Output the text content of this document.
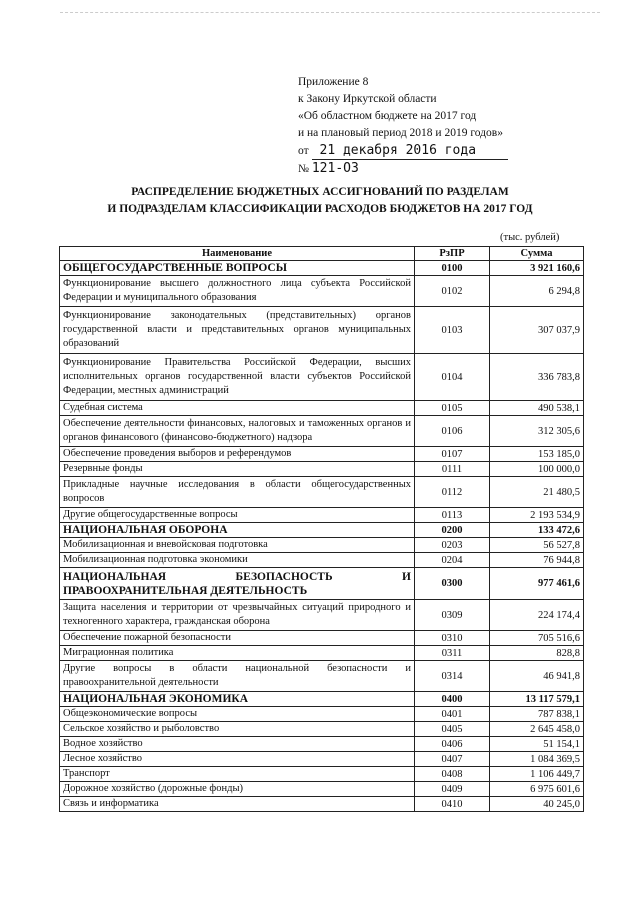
Приложение 8
к Закону Иркутской области
«Об областном бюджете на 2017 год
и на плановый период 2018 и 2019 годов»
от 21 декабря 2016 года
№ 121-ОЗ
РАСПРЕДЕЛЕНИЕ БЮДЖЕТНЫХ АССИГНОВАНИЙ ПО РАЗДЕЛАМ
И ПОДРАЗДЕЛАМ КЛАССИФИКАЦИИ РАСХОДОВ БЮДЖЕТОВ НА 2017 ГОД
(тыс. рублей)
Наименование	РзПР	Сумма
ОБЩЕГОСУДАРСТВЕННЫЕ ВОПРОСЫ	0100	3 921 160,6
Функционирование высшего должностного лица субъекта Российской Федерации и муниципального образования	0102	6 294,8
Функционирование законодательных (представительных) органов государственной власти и представительных органов муниципальных образований	0103	307 037,9
Функционирование Правительства Российской Федерации, высших исполнительных органов государственной власти субъектов Российской Федерации, местных администраций	0104	336 783,8
Судебная система	0105	490 538,1
Обеспечение деятельности финансовых, налоговых и таможенных органов и органов финансового (финансово-бюджетного) надзора	0106	312 305,6
Обеспечение проведения выборов и референдумов	0107	153 185,0
Резервные фонды	0111	100 000,0
Прикладные научные исследования в области общегосударственных вопросов	0112	21 480,5
Другие общегосударственные вопросы	0113	2 193 534,9
НАЦИОНАЛЬНАЯ ОБОРОНА	0200	133 472,6
Мобилизационная и вневойсковая подготовка	0203	56 527,8
Мобилизационная подготовка экономики	0204	76 944,8
НАЦИОНАЛЬНАЯ БЕЗОПАСНОСТЬ И ПРАВООХРАНИТЕЛЬНАЯ ДЕЯТЕЛЬНОСТЬ	0300	977 461,6
Защита населения и территории от чрезвычайных ситуаций природного и техногенного характера, гражданская оборона	0309	224 174,4
Обеспечение пожарной безопасности	0310	705 516,6
Миграционная политика	0311	828,8
Другие вопросы в области национальной безопасности и правоохранительной деятельности	0314	46 941,8
НАЦИОНАЛЬНАЯ ЭКОНОМИКА	0400	13 117 579,1
Общеэкономические вопросы	0401	787 838,1
Сельское хозяйство и рыболовство	0405	2 645 458,0
Водное хозяйство	0406	51 154,1
Лесное хозяйство	0407	1 084 369,5
Транспорт	0408	1 106 449,7
Дорожное хозяйство (дорожные фонды)	0409	6 975 601,6
Связь и информатика	0410	40 245,0
